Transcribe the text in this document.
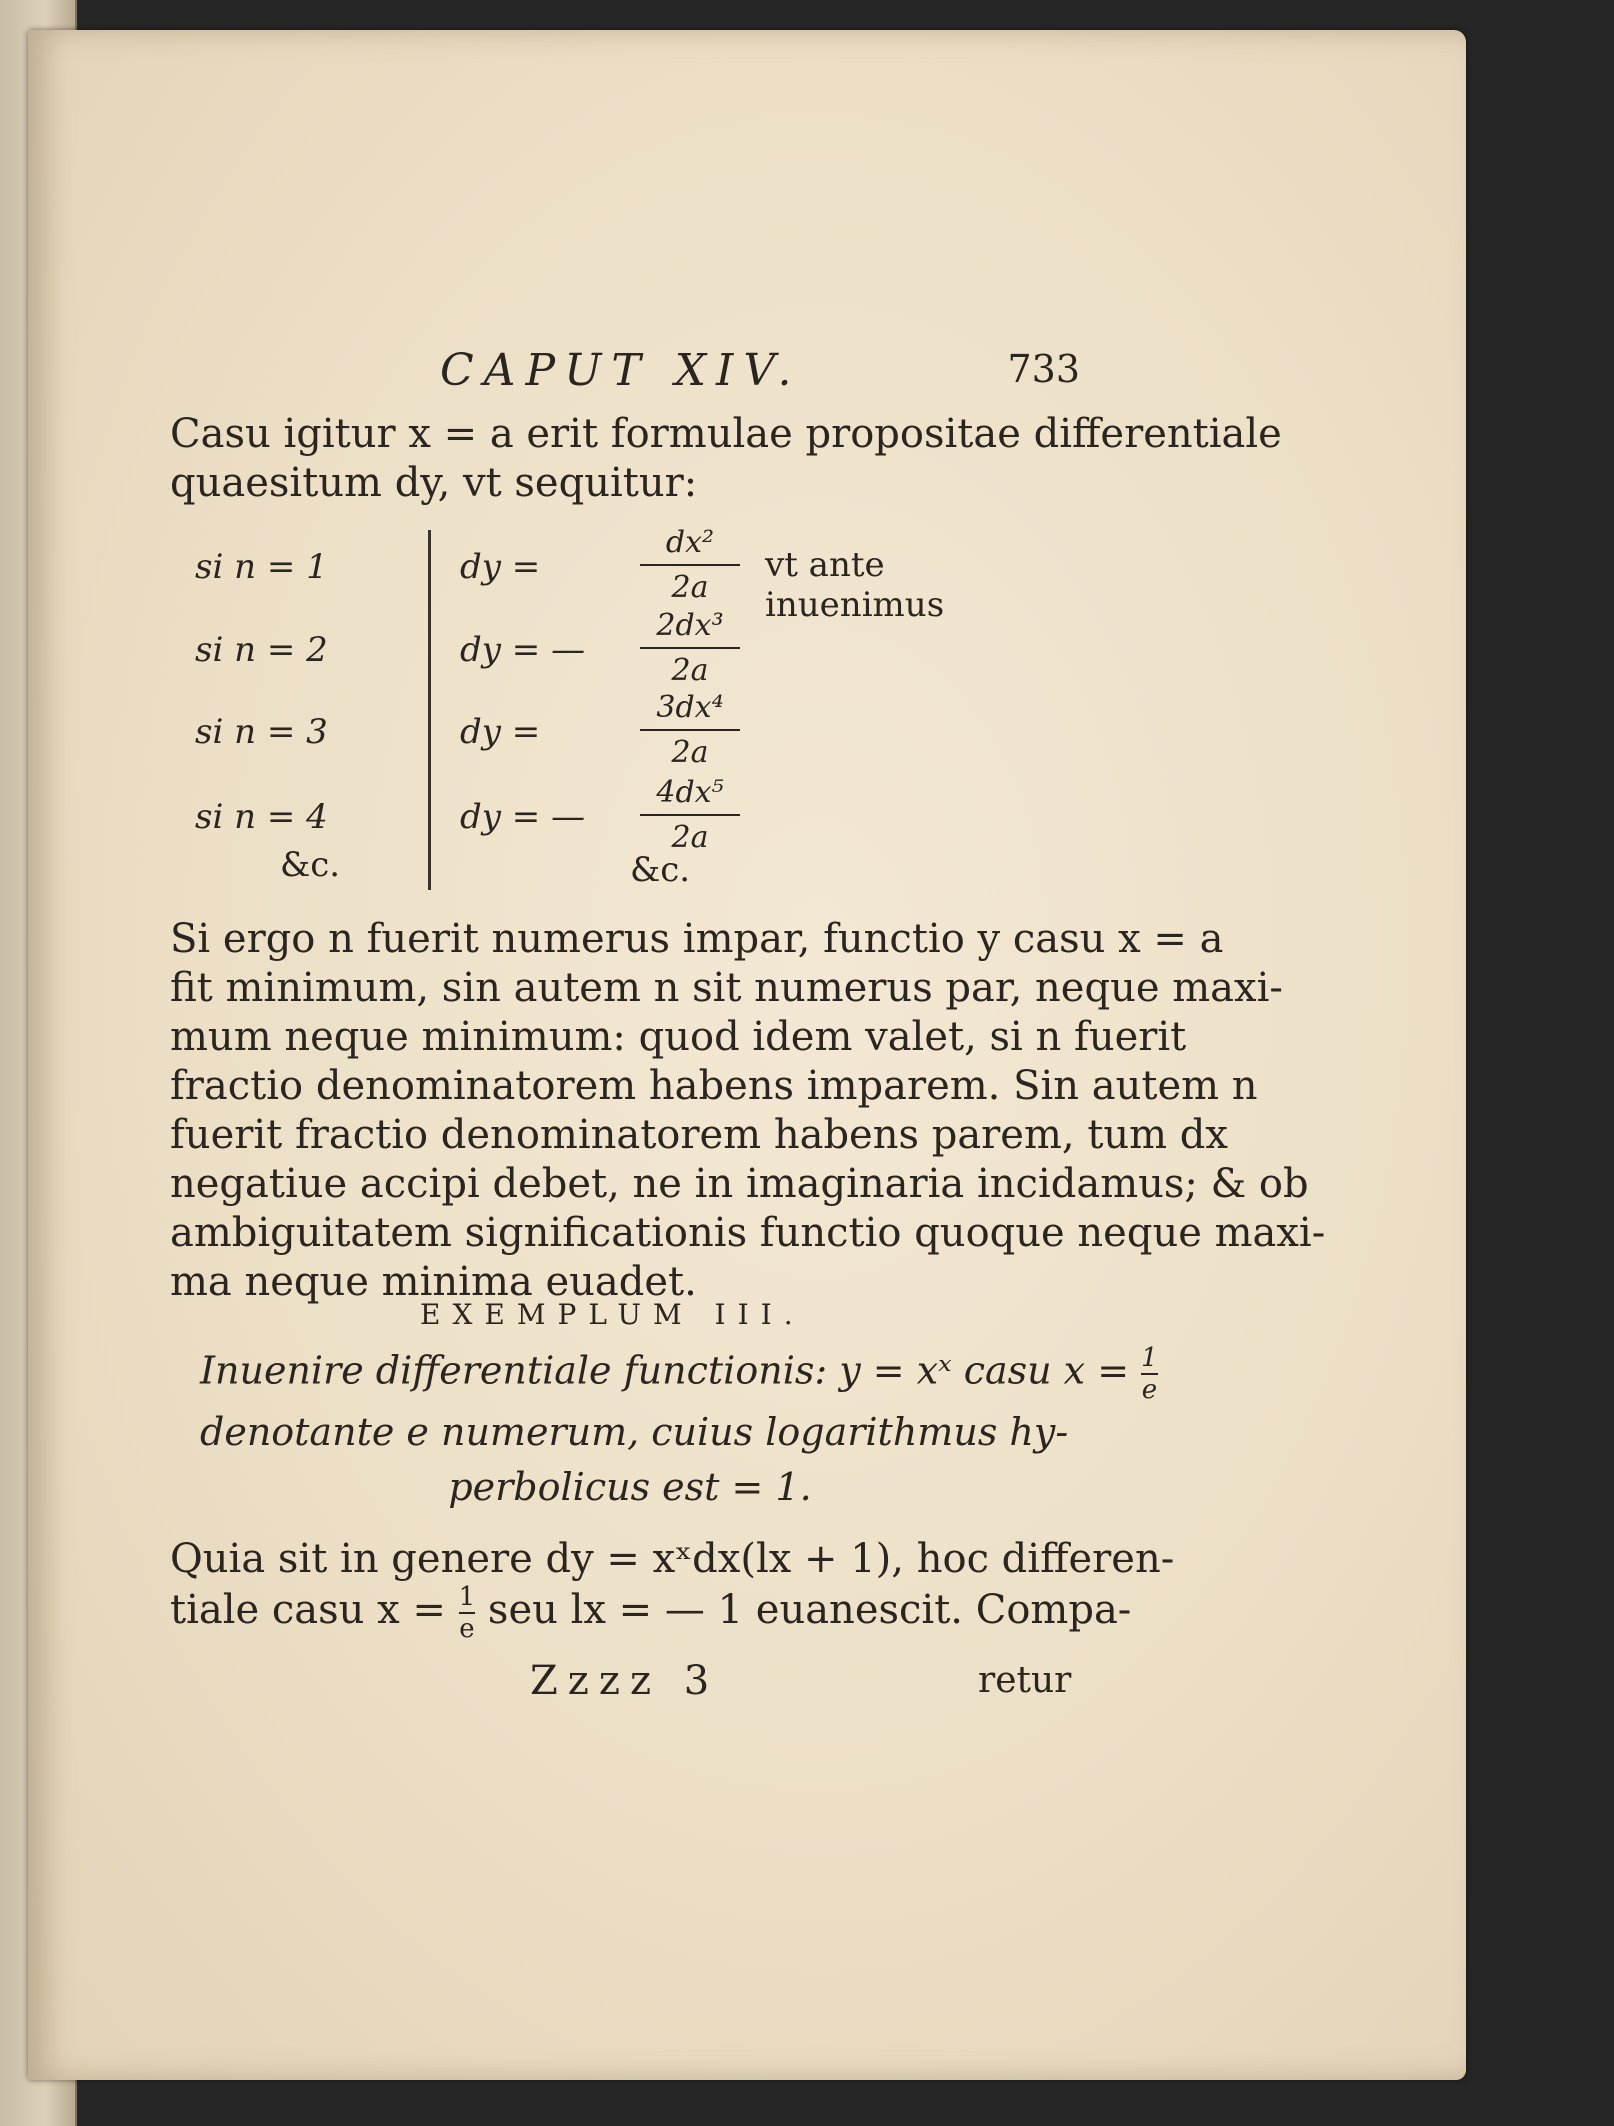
CAPUT XIV.	733

Casu igitur x = a erit formulae propositae differentiale
quaesitum dy, vt sequitur:

si n = 1	dy =
dx²
2a
vt ante inuenimus
si n = 2	dy = —
2dx³
2a
si n = 3	dy =
3dx⁴
2a
si n = 4	dy = —
4dx⁵
2a
&c.	&c.

Si ergo n fuerit numerus impar, functio y casu x = a
fit minimum, sin autem n sit numerus par, neque maxi-
mum neque minimum: quod idem valet, si n fuerit
fractio denominatorem habens imparem. Sin autem n
fuerit fractio denominatorem habens parem, tum dx
negatiue accipi debet, ne in imaginaria incidamus; & ob
ambiguitatem significationis functio quoque neque maxi-
ma neque minima euadet.

EXEMPLUM III.
Inuenire differentiale functionis: y = xˣ casu $x = \frac{1}{e}$
denotante e numerum, cuius logarithmus hy-
perbolicus est = 1.

Quia sit in genere dy = xˣdx(lx + 1), hoc differen-
tiale casu $x = \frac{1}{e}$ seu lx = — 1 euanescit. Compa-

Zzzz 3	retur
